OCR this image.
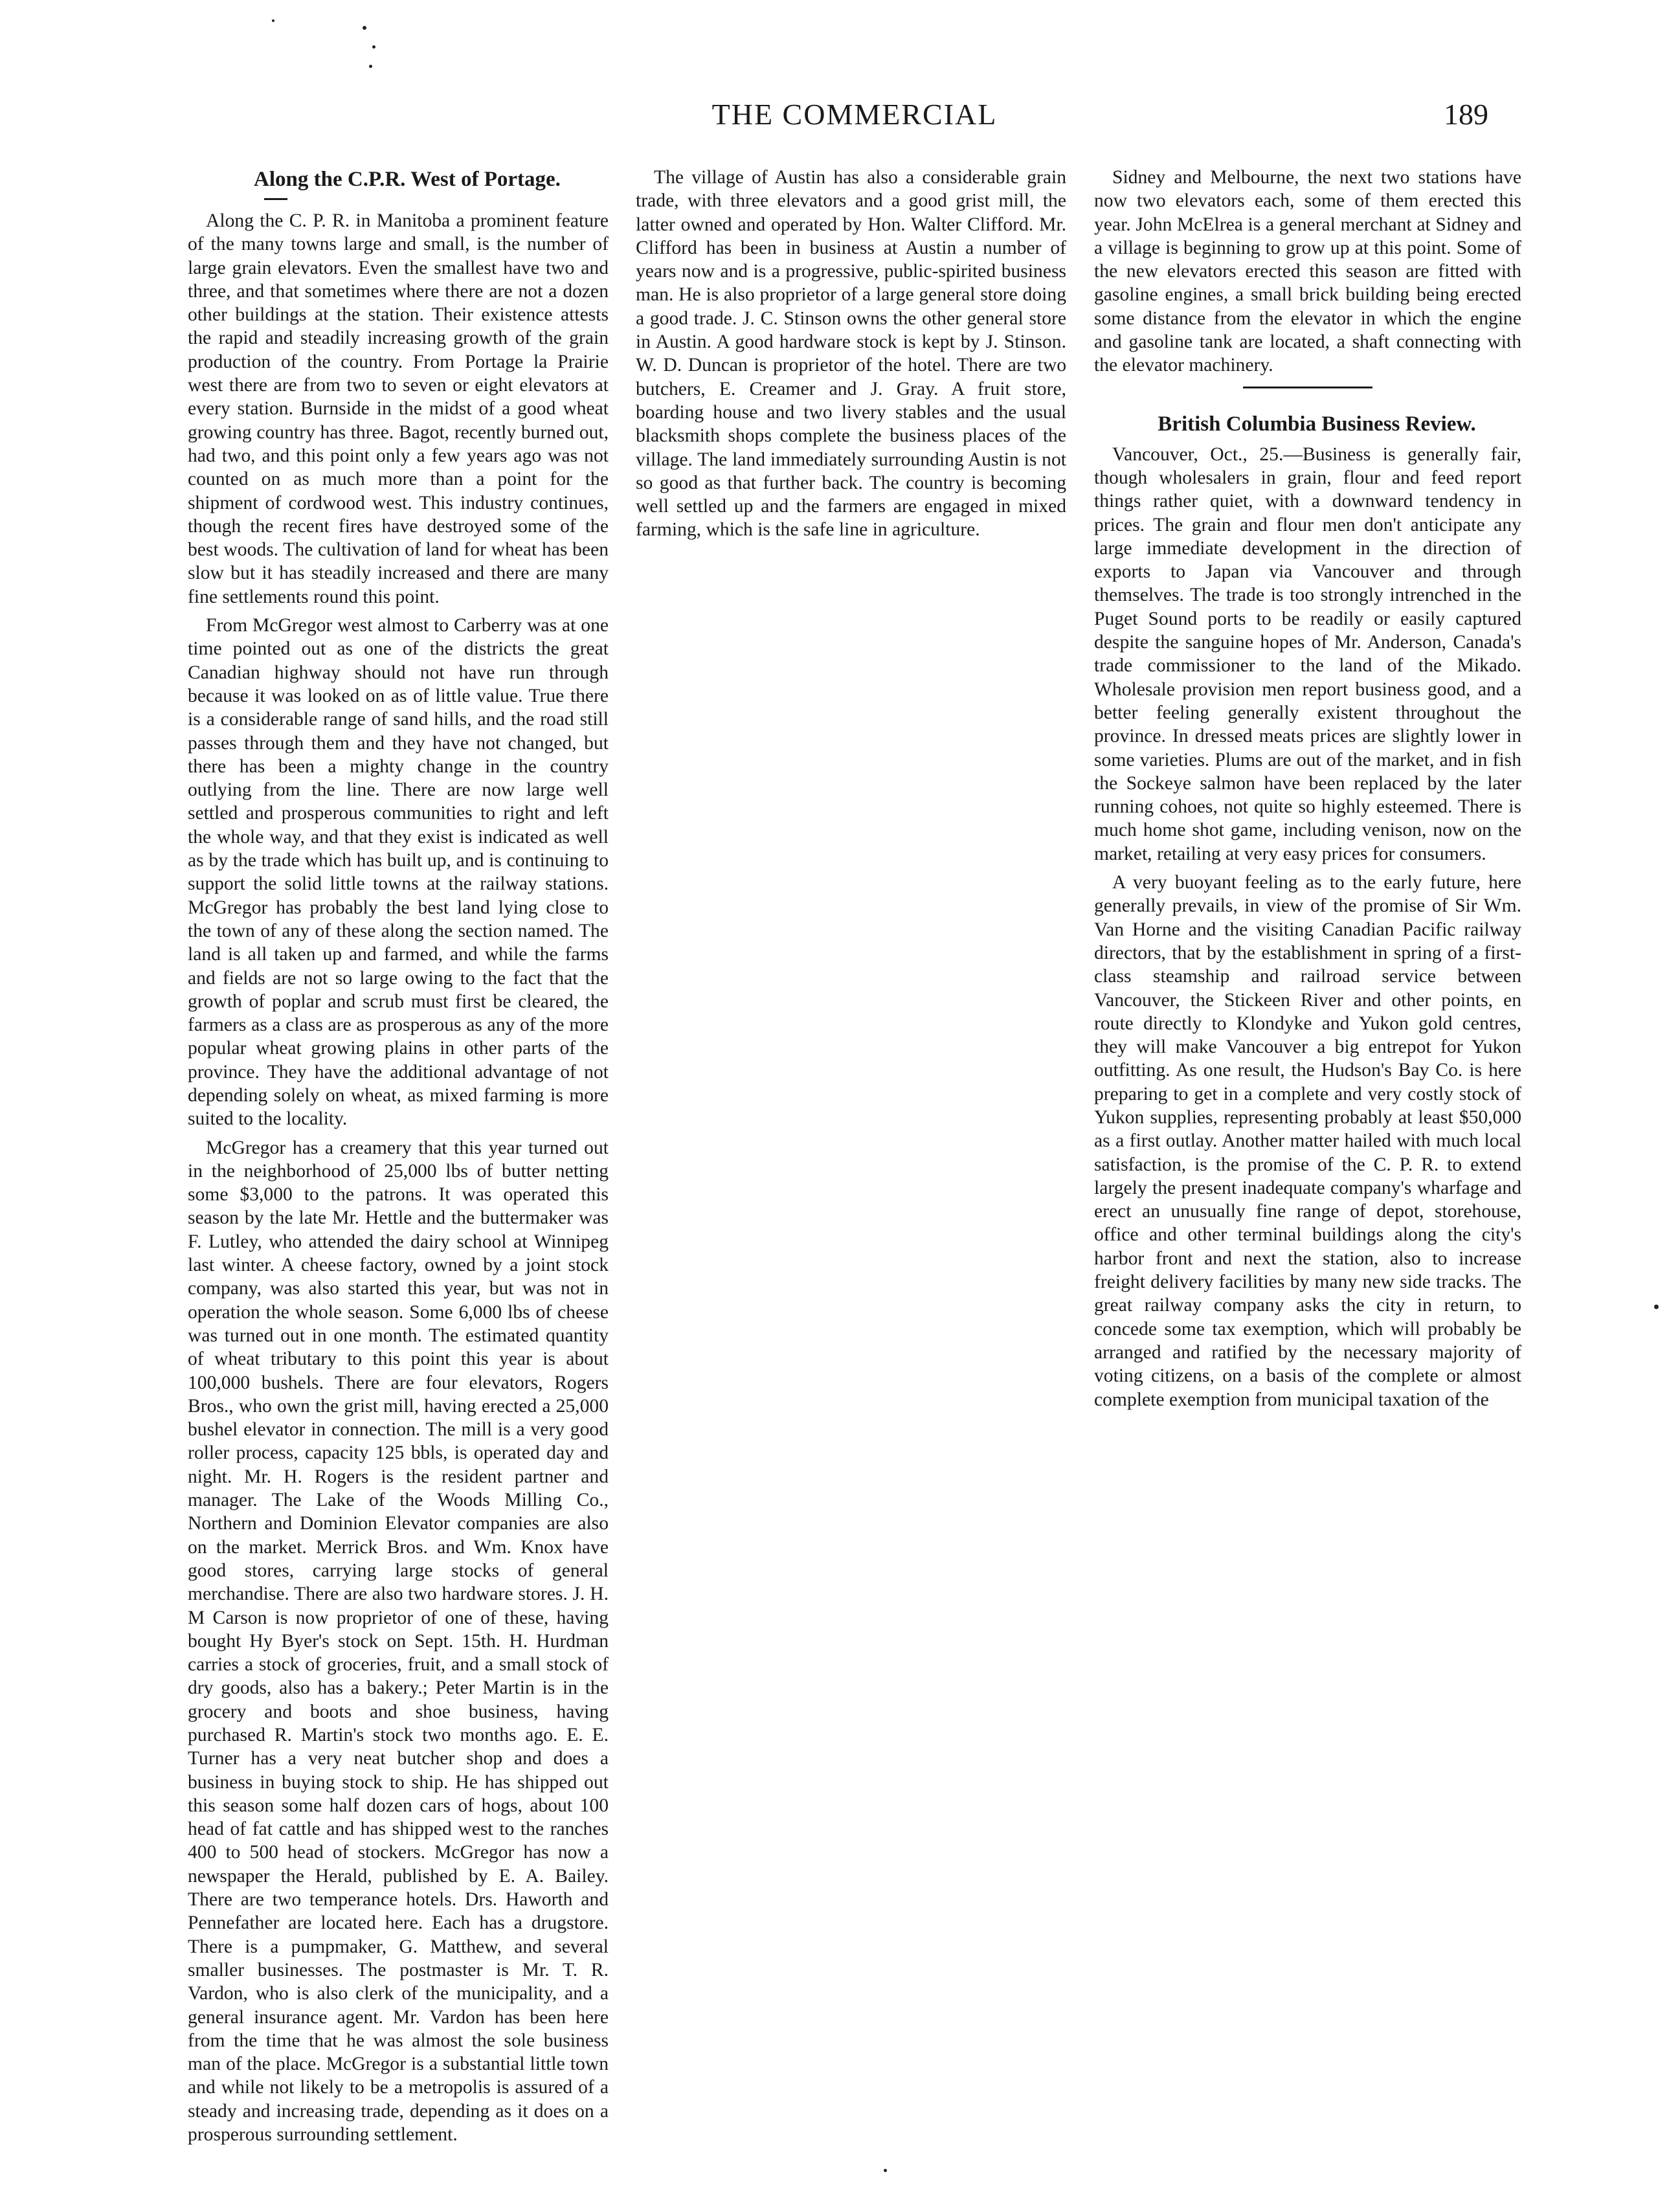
THE COMMERCIAL	189

Along the C.P.R. West of Portage.

Along the C. P. R. in Manitoba a prominent feature of the many towns large and small, is the number of large grain elevators. Even the smallest have two and three, and that sometimes where there are not a dozen other buildings at the station. Their existence attests the rapid and steadily increasing growth of the grain production of the country. From Portage la Prairie west there are from two to seven or eight elevators at every station. Burnside in the midst of a good wheat growing country has three. Bagot, recently burned out, had two, and this point only a few years ago was not counted on as much more than a point for the shipment of cordwood west. This industry continues, though the recent fires have destroyed some of the best woods. The cultivation of land for wheat has been slow but it has steadily increased and there are many fine settlements round this point.

From McGregor west almost to Carberry was at one time pointed out as one of the districts the great Canadian highway should not have run through because it was looked on as of little value. True there is a considerable range of sand hills, and the road still passes through them and they have not changed, but there has been a mighty change in the country outlying from the line. There are now large well settled and prosperous communities to right and left the whole way, and that they exist is indicated as well as by the trade which has built up, and is continuing to support the solid little towns at the railway stations. McGregor has probably the best land lying close to the town of any of these along the section named. The land is all taken up and farmed, and while the farms and fields are not so large owing to the fact that the growth of poplar and scrub must first be cleared, the farmers as a class are as prosperous as any of the more popular wheat growing plains in other parts of the province. They have the additional advantage of not depending solely on wheat, as mixed farming is more suited to the locality.

McGregor has a creamery that this year turned out in the neighborhood of 25,000 lbs of butter netting some $3,000 to the patrons. It was operated this season by the late Mr. Hettle and the buttermaker was F. Lutley, who attended the dairy school at Winnipeg last winter. A cheese factory, owned by a joint stock company, was also started this year, but was not in operation the whole season. Some 6,000 lbs of cheese was turned out in one month. The estimated quantity of wheat tributary to this point this year is about 100,000 bushels. There are four elevators, Rogers Bros., who own the grist mill, having erected a 25,000 bushel elevator in connection. The mill is a very good roller process, capacity 125 bbls, is operated day and night. Mr. H. Rogers is the resident partner and manager. The Lake of the Woods Milling Co., Northern and Dominion Elevator companies are also on the market. Merrick Bros. and Wm. Knox have good stores, carrying large stocks of general merchandise. There are also two hardware stores. J. H. M Carson is now proprietor of one of these, having bought Hy Byer's stock on Sept. 15th. H. Hurdman carries a stock of groceries, fruit, and a small stock of dry goods, also has a bakery.; Peter Martin is in the grocery and boots and shoe business, having purchased R. Martin's stock two months ago. E. E. Turner has a very neat butcher shop and does a business in buying stock to ship. He has shipped out this season some half dozen cars of hogs, about 100 head of fat cattle and has shipped west to the ranches 400 to 500 head of stockers. McGregor has now a newspaper the Herald, published by E. A. Bailey. There are two temperance hotels. Drs. Haworth and Pennefather are located here. Each has a drugstore. There is a pumpmaker, G. Matthew, and several smaller businesses. The postmaster is Mr. T. R. Vardon, who is also clerk of the municipality, and a general insurance agent. Mr. Vardon has been here from the time that he was almost the sole business man of the place. McGregor is a substantial little town and while not likely to be a metropolis is assured of a steady and increasing trade, depending as it does on a prosperous surrounding settlement.

The village of Austin has also a considerable grain trade, with three elevators and a good grist mill, the latter owned and operated by Hon. Walter Clifford. Mr. Clifford has been in business at Austin a number of years now and is a progressive, public-spirited business man. He is also proprietor of a large general store doing a good trade. J. C. Stinson owns the other general store in Austin. A good hardware stock is kept by J. Stinson. W. D. Duncan is proprietor of the hotel. There are two butchers, E. Creamer and J. Gray. A fruit store, boarding house and two livery stables and the usual blacksmith shops complete the business places of the village. The land immediately surrounding Austin is not so good as that further back. The country is becoming well settled up and the farmers are engaged in mixed farming, which is the safe line in agriculture.

Sidney and Melbourne, the next two stations have now two elevators each, some of them erected this year. John McElrea is a general merchant at Sidney and a village is beginning to grow up at this point. Some of the new elevators erected this season are fitted with gasoline engines, a small brick building being erected some distance from the elevator in which the engine and gasoline tank are located, a shaft connecting with the elevator machinery.

British Columbia Business Review.

Vancouver, Oct., 25.—Business is generally fair, though wholesalers in grain, flour and feed report things rather quiet, with a downward tendency in prices. The grain and flour men don't anticipate any large immediate development in the direction of exports to Japan via Vancouver and through themselves. The trade is too strongly intrenched in the Puget Sound ports to be readily or easily captured despite the sanguine hopes of Mr. Anderson, Canada's trade commissioner to the land of the Mikado. Wholesale provision men report business good, and a better feeling generally existent throughout the province. In dressed meats prices are slightly lower in some varieties. Plums are out of the market, and in fish the Sockeye salmon have been replaced by the later running cohoes, not quite so highly esteemed. There is much home shot game, including venison, now on the market, retailing at very easy prices for consumers.

A very buoyant feeling as to the early future, here generally prevails, in view of the promise of Sir Wm. Van Horne and the visiting Canadian Pacific railway directors, that by the establishment in spring of a first-class steamship and railroad service between Vancouver, the Stickeen River and other points, en route directly to Klondyke and Yukon gold centres, they will make Vancouver a big entrepot for Yukon outfitting. As one result, the Hudson's Bay Co. is here preparing to get in a complete and very costly stock of Yukon supplies, representing probably at least $50,000 as a first outlay. Another matter hailed with much local satisfaction, is the promise of the C. P. R. to extend largely the present inadequate company's wharfage and erect an unusually fine range of depot, storehouse, office and other terminal buildings along the city's harbor front and next the station, also to increase freight delivery facilities by many new side tracks. The great railway company asks the city in return, to concede some tax exemption, which will probably be arranged and ratified by the necessary majority of voting citizens, on a basis of the complete or almost complete exemption from municipal taxation of the
